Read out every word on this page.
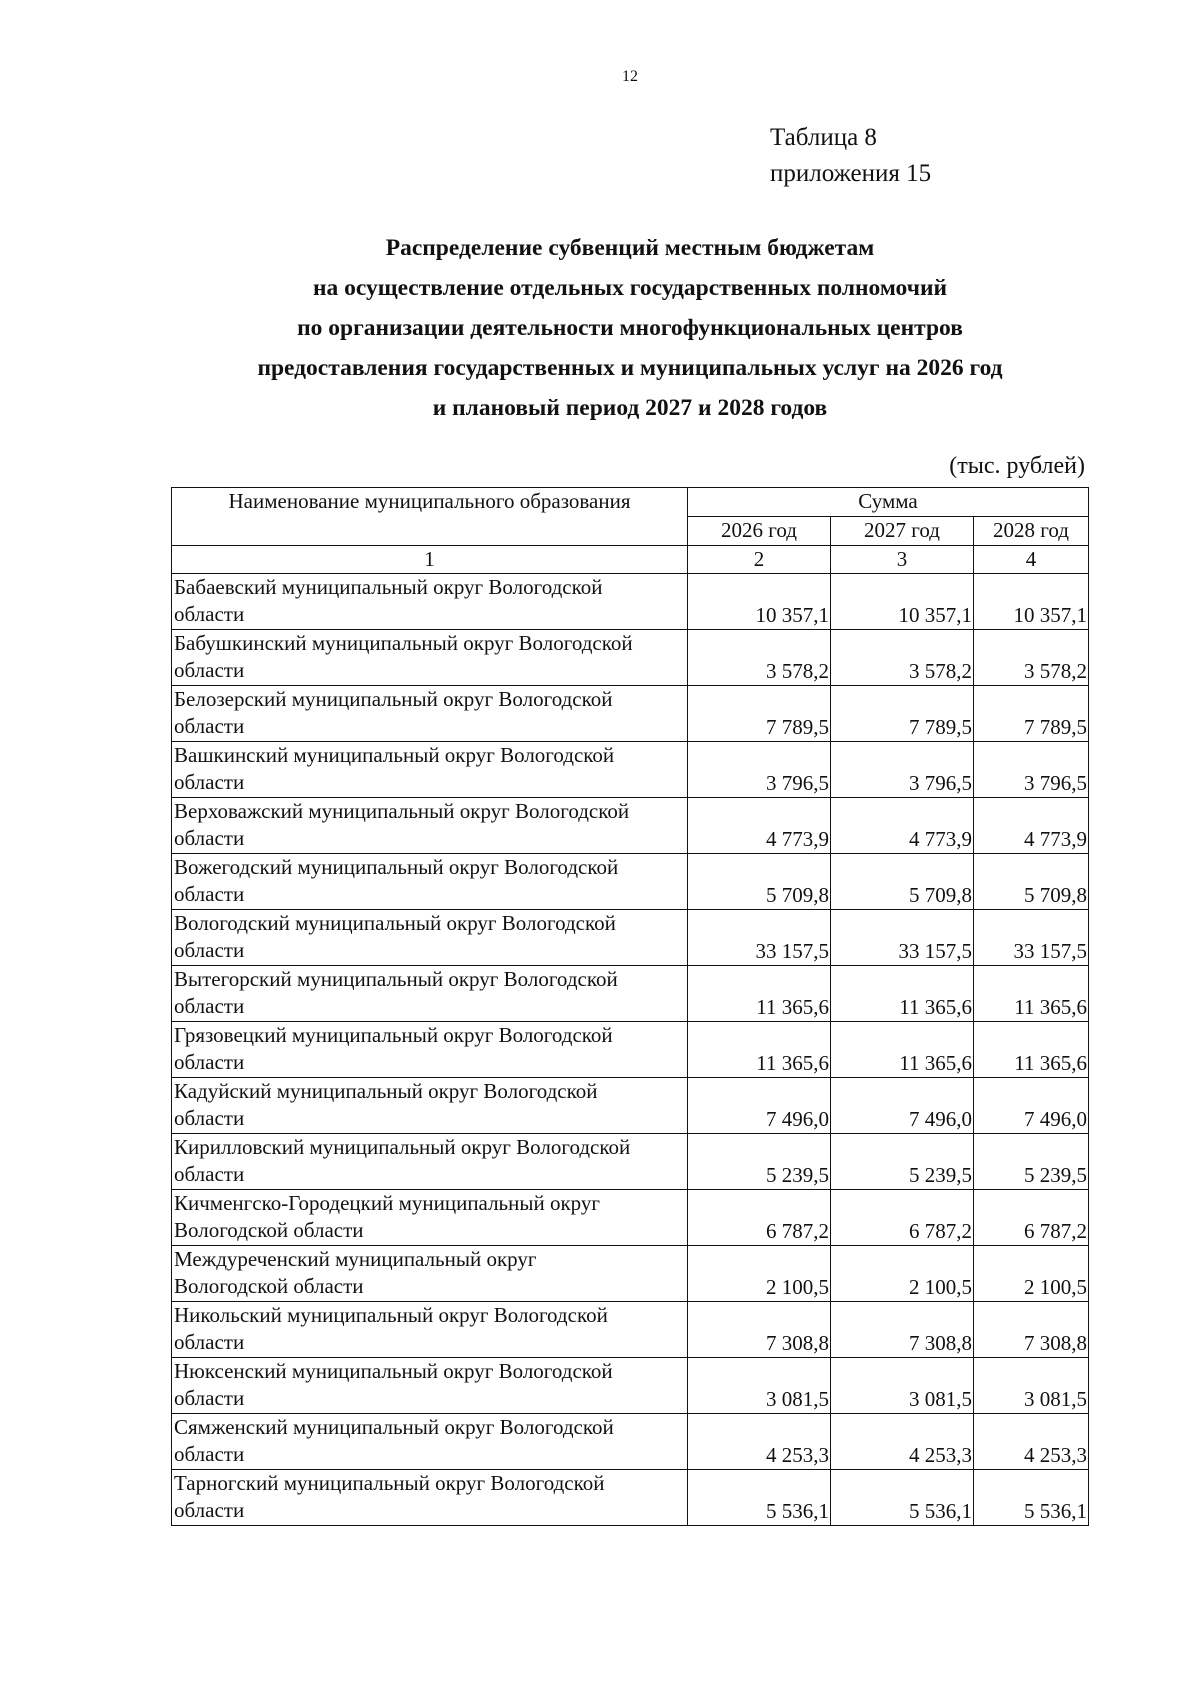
12
Таблица 8
приложения 15
Распределение субвенций местным бюджетам
на осуществление отдельных государственных полномочий
по организации деятельности многофункциональных центров
предоставления государственных и муниципальных услуг на 2026 год
и плановый период 2027 и 2028 годов
(тыс. рублей)
Наименование муниципального образования	Сумма		
	2026 год	2027 год	2028 год
1	2	3	4

Бабаевский муниципальный округ Вологодской
области	10 357,1	10 357,1	10 357,1

Бабушкинский муниципальный округ Вологодской
области	3 578,2	3 578,2	3 578,2

Белозерский муниципальный округ Вологодской
области	7 789,5	7 789,5	7 789,5

Вашкинский муниципальный округ Вологодской
области	3 796,5	3 796,5	3 796,5

Верховажский муниципальный округ Вологодской
области	4 773,9	4 773,9	4 773,9

Вожегодский муниципальный округ Вологодской
области	5 709,8	5 709,8	5 709,8

Вологодский муниципальный округ Вологодской
области	33 157,5	33 157,5	33 157,5

Вытегорский муниципальный округ Вологодской
области	11 365,6	11 365,6	11 365,6

Грязовецкий муниципальный округ Вологодской
области	11 365,6	11 365,6	11 365,6

Кадуйский муниципальный округ Вологодской
области	7 496,0	7 496,0	7 496,0

Кирилловский муниципальный округ Вологодской
области	5 239,5	5 239,5	5 239,5

Кичменгско-Городецкий муниципальный округ
Вологодской области	6 787,2	6 787,2	6 787,2

Междуреченский муниципальный округ
Вологодской области	2 100,5	2 100,5	2 100,5

Никольский муниципальный округ Вологодской
области	7 308,8	7 308,8	7 308,8

Нюксенский муниципальный округ Вологодской
области	3 081,5	3 081,5	3 081,5

Сямженский муниципальный округ Вологодской
области	4 253,3	4 253,3	4 253,3

Тарногский муниципальный округ Вологодской
области	5 536,1	5 536,1	5 536,1
